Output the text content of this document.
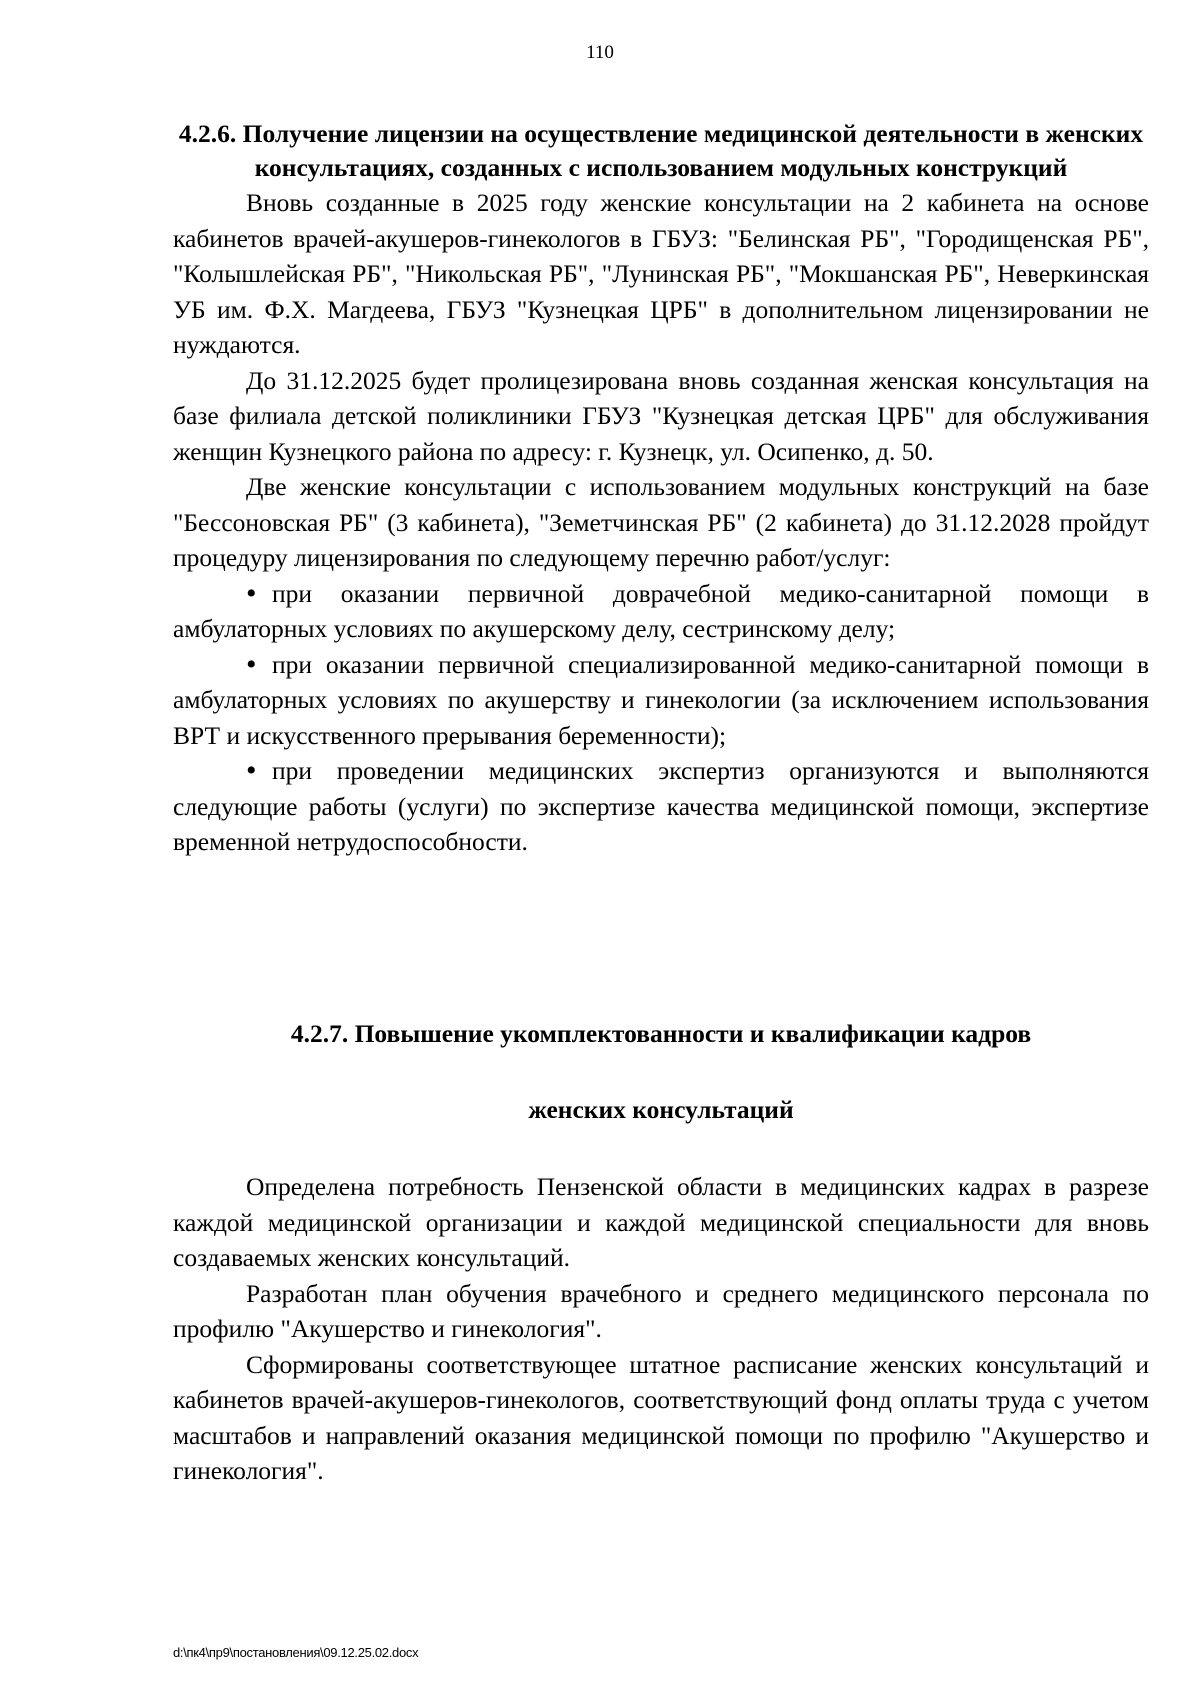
110

4.2.6. Получение лицензии на осуществление медицинской деятельности в женских консультациях, созданных с использованием модульных конструкций

Вновь созданные в 2025 году женские консультации на 2 кабинета на основе кабинетов врачей-акушеров-гинекологов в ГБУЗ: "Белинская РБ", "Городищенская РБ", "Колышлейская РБ", "Никольская РБ", "Лунинская РБ", "Мокшанская РБ", Неверкинская УБ им. Ф.Х. Магдеева, ГБУЗ "Кузнецкая ЦРБ" в дополнительном лицензировании не нуждаются.

До 31.12.2025 будет пролицезирована вновь созданная женская консультация на базе филиала детской поликлиники ГБУЗ "Кузнецкая детская ЦРБ" для обслуживания женщин Кузнецкого района по адресу: г. Кузнецк, ул. Осипенко, д. 50.

Две женские консультации с использованием модульных конструкций на базе "Бессоновская РБ" (3 кабинета), "Земетчинская РБ" (2 кабинета) до 31.12.2028 пройдут процедуру лицензирования по следующему перечню работ/услуг:

• при оказании первичной доврачебной медико-санитарной помощи в амбулаторных условиях по акушерскому делу, сестринскому делу;

• при оказании первичной специализированной медико-санитарной помощи в амбулаторных условиях по акушерству и гинекологии (за исключением использования ВРТ и искусственного прерывания беременности);

• при проведении медицинских экспертиз организуются и выполняются следующие работы (услуги) по экспертизе качества медицинской помощи, экспертизе временной нетрудоспособности.

4.2.7. Повышение укомплектованности и квалификации кадров

женских консультаций

Определена потребность Пензенской области в медицинских кадрах в разрезе каждой медицинской организации и каждой медицинской специальности для вновь создаваемых женских консультаций.

Разработан план обучения врачебного и среднего медицинского персонала по профилю "Акушерство и гинекология".

Сформированы соответствующее штатное расписание женских консультаций и кабинетов врачей-акушеров-гинекологов, соответствующий фонд оплаты труда с учетом масштабов и направлений оказания медицинской помощи по профилю "Акушерство и гинекология".

d:\пк4\пр9\постановления\09.12.25.02.docx
